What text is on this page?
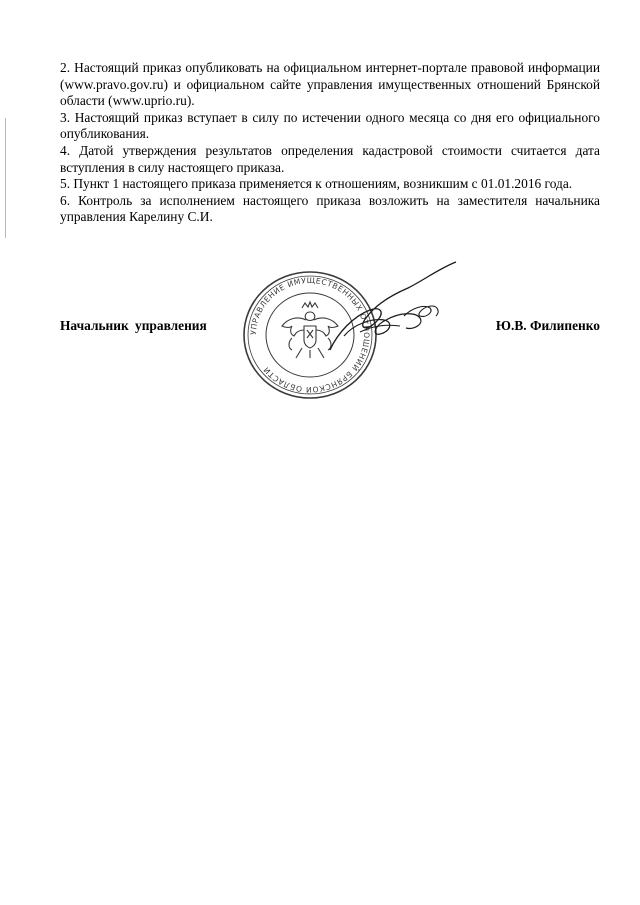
2. Настоящий приказ опубликовать на официальном интернет-портале правовой информации (www.pravo.gov.ru) и официальном сайте управления имущественных отношений Брянской области (www.uprio.ru).

3. Настоящий приказ вступает в силу по истечении одного месяца со дня его официального опубликования.

4. Датой утверждения результатов определения кадастровой стоимости считается дата вступления в силу настоящего приказа.

5. Пункт 1 настоящего приказа применяется к отношениям, возникшим с 01.01.2016 года.

6. Контроль за исполнением настоящего приказа возложить на заместителя начальника управления Карелину С.И.

УПРАВЛЕНИЕ ИМУЩЕСТВЕННЫХ ОТНОШЕНИЙ БРЯНСКОЙ ОБЛАСТИ
Начальник управления	Ю.В. Филипенко
